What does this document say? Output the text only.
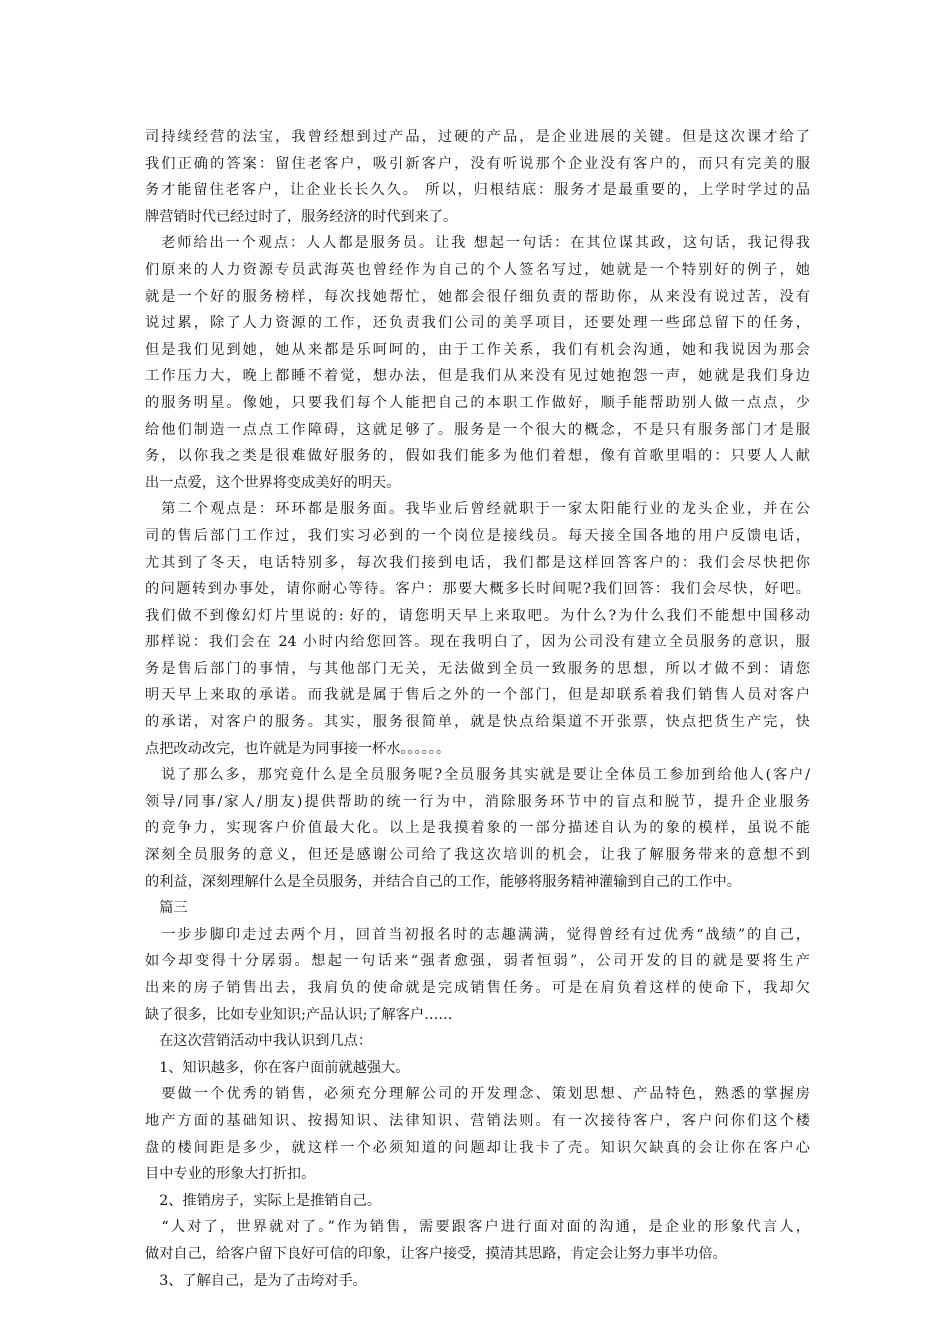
司持续经营的法宝，我曾经想到过产品，过硬的产品，是企业进展的关键。但是这次课才给了
我们正确的答案：留住老客户，吸引新客户，没有听说那个企业没有客户的，而只有完美的服
务才能留住老客户，让企业长长久久。 所以，归根结底：服务才是最重要的，上学时学过的品
牌营销时代已经过时了，服务经济的时代到来了。
　老师给出一个观点：人人都是服务员。让我 想起一句话：在其位谋其政，这句话，我记得我
们原来的人力资源专员武海英也曾经作为自己的个人签名写过，她就是一个特别好的例子，她
就是一个好的服务榜样，每次找她帮忙，她都会很仔细负责的帮助你，从来没有说过苦，没有
说过累，除了人力资源的工作，还负责我们公司的美孚项目，还要处理一些邱总留下的任务，
但是我们见到她，她从来都是乐呵呵的，由于工作关系，我们有机会沟通，她和我说因为那会
工作压力大，晚上都睡不着觉，想办法，但是我们从来没有见过她抱怨一声，她就是我们身边
的服务明星。像她，只要我们每个人能把自己的本职工作做好，顺手能帮助别人做一点点，少
给他们制造一点点工作障碍，这就足够了。服务是一个很大的概念，不是只有服务部门才是服
务，以你我之类是很难做好服务的，假如我们能多为他们着想，像有首歌里唱的：只要人人献
出一点爱，这个世界将变成美好的明天。
　第二个观点是：环环都是服务面。我毕业后曾经就职于一家太阳能行业的龙头企业，并在公
司的售后部门工作过，我们实习必到的一个岗位是接线员。每天接全国各地的用户反馈电话，
尤其到了冬天，电话特别多，每次我们接到电话，我们都是这样回答客户的：我们会尽快把你
的问题转到办事处，请你耐心等待。客户：那要大概多长时间呢?我们回答：我们会尽快，好吧。
我们做不到像幻灯片里说的: 好的，请您明天早上来取吧。为什么?为什么我们不能想中国移动
那样说：我们会在 24 小时内给您回答。现在我明白了，因为公司没有建立全员服务的意识，服
务是售后部门的事情，与其他部门无关，无法做到全员一致服务的思想，所以才做不到：请您
明天早上来取的承诺。而我就是属于售后之外的一个部门，但是却联系着我们销售人员对客户
的承诺，对客户的服务。其实，服务很简单，就是快点给渠道不开张票，快点把货生产完，快
点把改动改完，也许就是为同事接一杯水。。。。。。
　说了那么多，那究竟什么是全员服务呢?全员服务其实就是要让全体员工参加到给他人(客户/
领导/同事/家人/朋友)提供帮助的统一行为中，消除服务环节中的盲点和脱节，提升企业服务
的竞争力，实现客户价值最大化。以上是我摸着象的一部分描述自认为的象的模样，虽说不能
深刻全员服务的意义，但还是感谢公司给了我这次培训的机会，让我了解服务带来的意想不到
的利益，深刻理解什么是全员服务，并结合自己的工作，能够将服务精神灌输到自己的工作中。
　篇三
　一步步脚印走过去两个月，回首当初报名时的志趣满满，觉得曾经有过优秀“战绩”的自己，
如今却变得十分孱弱。想起一句话来“强者愈强，弱者恒弱”，公司开发的目的就是要将生产
出来的房子销售出去，我肩负的使命就是完成销售任务。可是在肩负着这样的使命下，我却欠
缺了很多，比如专业知识;产品认识;了解客户……
　在这次营销活动中我认识到几点：
　1、知识越多，你在客户面前就越强大。
　要做一个优秀的销售，必须充分理解公司的开发理念、策划思想、产品特色，熟悉的掌握房
地产方面的基础知识、按揭知识、法律知识、营销法则。有一次接待客户，客户问你们这个楼
盘的楼间距是多少，就这样一个必须知道的问题却让我卡了壳。知识欠缺真的会让你在客户心
目中专业的形象大打折扣。
　2、推销房子，实际上是推销自己。
　“人对了，世界就对了。”作为销售，需要跟客户进行面对面的沟通，是企业的形象代言人，
做对自己，给客户留下良好可信的印象，让客户接受，摸清其思路，肯定会让努力事半功倍。
　3、了解自己，是为了击垮对手。
